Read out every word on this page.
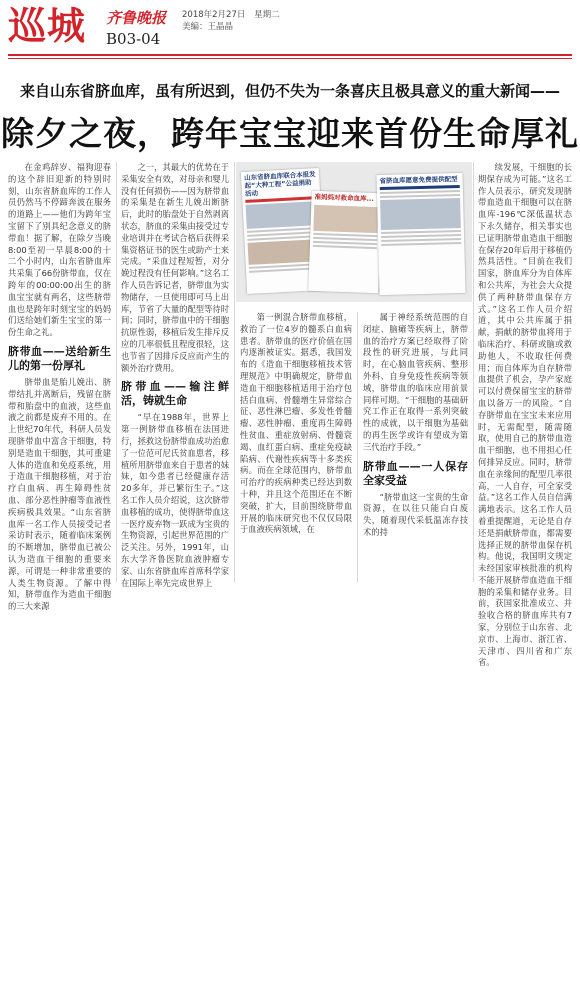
巡城 齐鲁晚报 2018年2月27日 星期二
美编：王晶晶
B03-04
来自山东省脐血库，虽有所迟到，但仍不失为一条喜庆且极具意义的重大新闻——
除夕之夜，跨年宝宝迎来首份生命厚礼

在金鸡辞岁、福狗迎春的这个辞旧迎新的特别时刻，山东省脐血库的工作人员仍然马不停蹄奔波在服务的道路上——他们为跨年宝宝留下了别具纪念意义的脐带血！据了解，在除夕当晚8:00至初一早晨8:00的十二个小时内，山东省脐血库共采集了66份脐带血，仅在跨年的00:00:00出生的脐血宝宝就有两名，这些脐带血也是跨年时刻宝宝的妈妈们送给她们新生宝宝的第一份生命之礼。

脐带血——送给新生儿的第一份厚礼

脐带血是胎儿娩出、脐带结扎并离断后，残留在脐带和胎盘中的血液，这些血液之前都是废弃不用的。在上世纪70年代，科研人员发现脐带血中富含干细胞，特别是造血干细胞，其可重建人体的造血和免疫系统，用于造血干细胞移植，对于治疗白血病、再生障碍性贫血、部分恶性肿瘤等血液性疾病极具效果。“山东省脐血库一名工作人员接受记者采访时表示，随着临床案例的不断增加，脐带血已被公认为造血干细胞的重要来源，可谓是一种非常重要的人类生物资源。了解中得知，脐带血作为造血干细胞的三大来源

之一，其最大的优势在于采集安全有效，对母亲和婴儿没有任何损伤——因为脐带血的采集是在新生儿娩出断脐后，此时的胎盘处于自然剥离状态，脐血的采集由接受过专业培训并在考试合格后获得采集资格证书的医生或助产士来完成。“采血过程短暂，对分娩过程没有任何影响。”这名工作人员告诉记者，脐带血为实物储存，一旦使用即可马上出库，节省了大量的配型等待时间；同时，脐带血中的干细胞抗原性弱，移植后发生排斥反应的几率很低且程度很轻，这也节省了因排斥反应而产生的额外治疗费用。

脐带血——输注鲜活，铸就生命

“早在1988年，世界上第一例脐带血移植在法国进行，拯救这份脐带血成功治愈了一位范可尼氏贫血患者，移植所用脐带血来自于患者的妹妹，如今患者已经健康存活20多年，并已繁衍生子。”这名工作人员介绍说，这次脐带血移植的成功，使得脐带血这一医疗废弃物一跃成为宝贵的生物资源，引起世界范围的广泛关注。另外，1991年，山东大学齐鲁医院血液肿瘤专家、山东省脐血库首席科学家在国际上率先完成世界上

山东省脐血库联合本报发起“大种工程”公益捐助活动	准妈妈对救命血库...
省脐血库愿意免费提供配型

第一例混合脐带血移植，救治了一位4岁的髓系白血病患者。脐带血的医疗价值在国内逐渐被证实。据悉，我国发布的《造血干细胞移植技术管理规范》中明确规定，脐带血造血干细胞移植适用于治疗包括白血病、骨髓增生异常综合征、恶性淋巴瘤、多发性骨髓瘤、恶性肿瘤、重度再生障碍性贫血、重症放射病、骨髓衰竭、血红蛋白病、重症免疫缺陷病、代谢性疾病等十多类疾病。而在全球范围内，脐带血可治疗的疾病种类已经达到数十种，并且这个范围还在不断突破，扩大，目前围绕脐带血开展的临床研究也不仅仅局限于血液疾病领域，在

属于神经系统范围的自闭症、脑瘫等疾病上，脐带血的治疗方案已经取得了阶段性的研究进展，与此同时，在心脑血管疾病、整形外科、自身免疫性疾病等领域，脐带血的临床应用前景同样可期。“干细胞的基础研究工作正在取得一系列突破性的成就，以干细胞为基础的再生医学或许有望成为第三代治疗手段。”

脐带血——一人保存全家受益

“脐带血这一宝贵的生命资源，在以往只能白白废失，随着现代采低温冻存技术的持

续发展，干细胞的长期保存成为可能。”这名工作人员表示，研究发现脐带血造血干细胞可以在脐血库-196℃深低温状态下永久储存，相关事实也已证明脐带血造血干细胞在保存20年后用于移植仍然具活性。“目前在我们国家，脐血库分为自体库和公共库，为社会大众提供了两种脐带血保存方式。”这名工作人员介绍道，其中公共库属于捐献，捐献的脐带血将用于临床治疗、科研或脑或救助他人，不收取任何费用；而自体库为自存脐带血提供了机会，孕产家庭可以付费保留宝宝的脐带血以备万一的风险。“自存脐带血在宝宝未来应用时，无需配型，随需随取，使用自己的脐带血造血干细胞，也不用担心任何排异反应。同时，脐带血在亲缘间的配型几率很高，一人自存，可全家受益。”这名工作人员自信满满地表示。这名工作人员着重提醒道，无论是自存还是捐献脐带血，都需要选择正规的脐带血保存机构。他说，我国明文规定未经国家审核批准的机构不能开展脐带血造血干细胞的采集和储存业务。目前，获国家批准成立、并验收合格的脐血库共有7家，分别位于山东省、北京市、上海市、浙江省、天津市、四川省和广东省。
